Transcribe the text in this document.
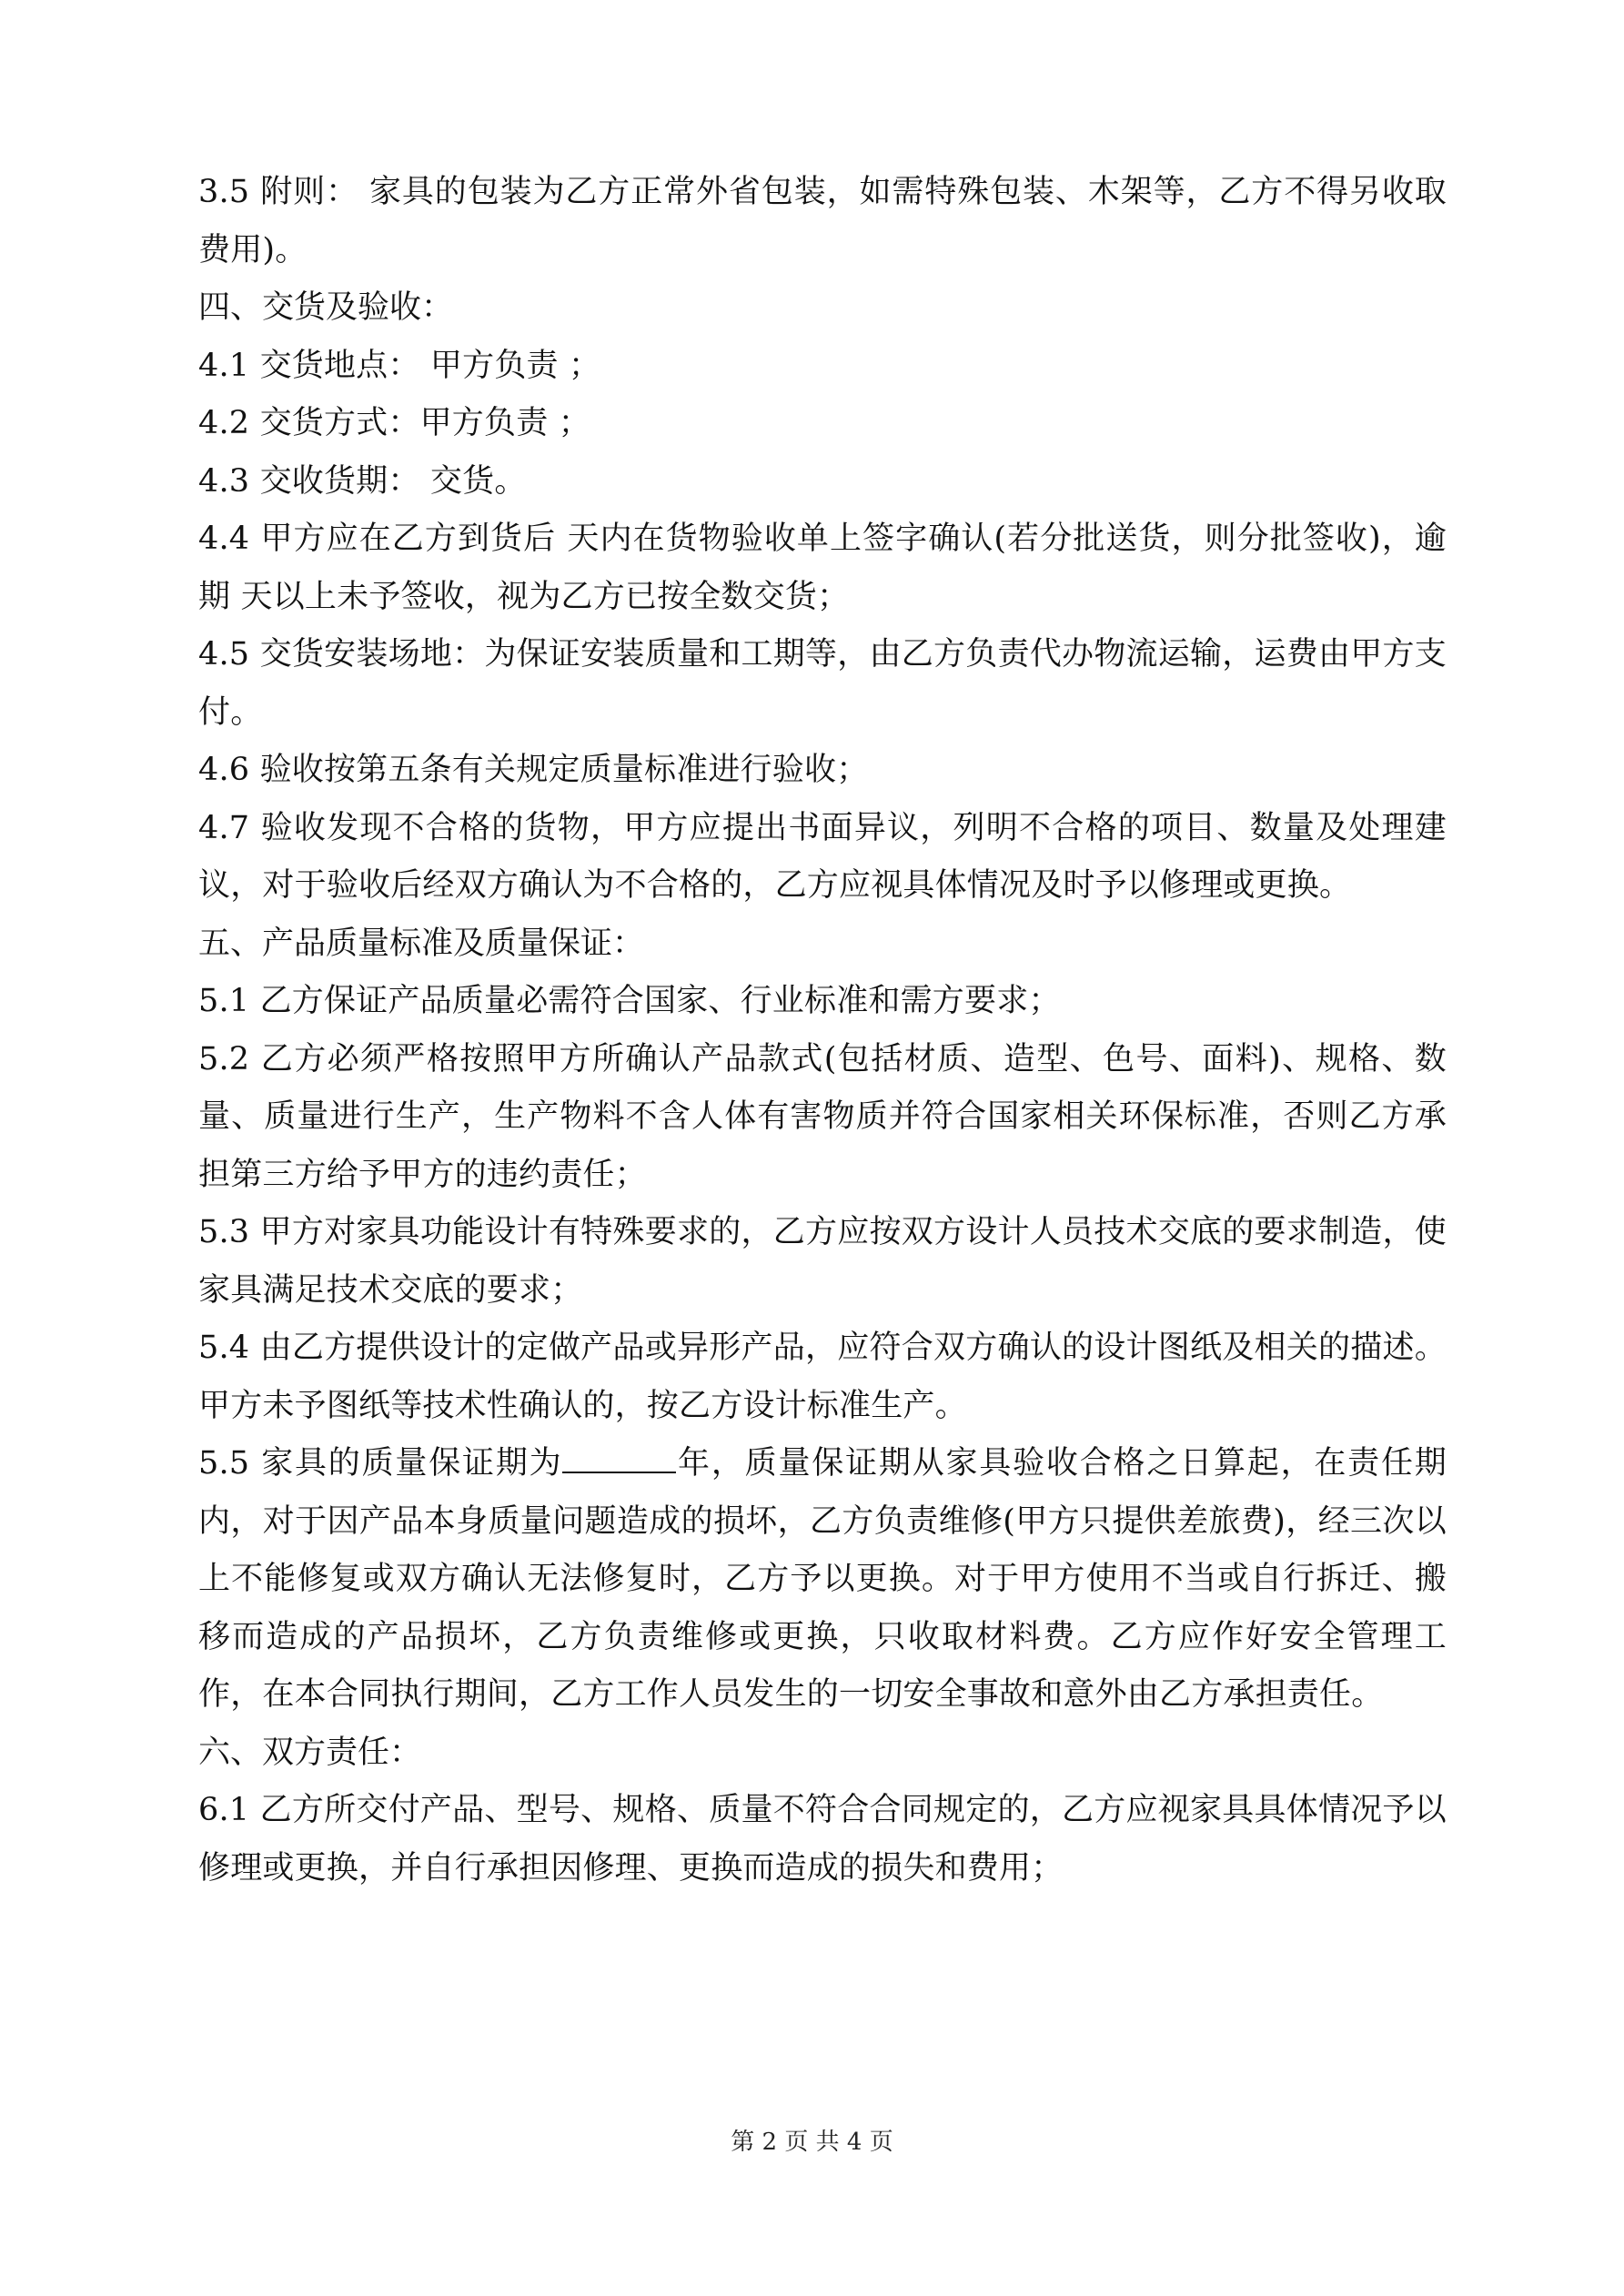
3.5 附则： 家具的包装为乙方正常外省包装，如需特殊包装、木架等，乙方不得另收取费用)。

四、交货及验收：

4.1 交货地点： 甲方负责 ；

4.2 交货方式：甲方负责 ；

4.3 交收货期： 交货。

4.4 甲方应在乙方到货后 天内在货物验收单上签字确认(若分批送货，则分批签收)，逾期 天以上未予签收，视为乙方已按全数交货；

4.5 交货安装场地：为保证安装质量和工期等，由乙方负责代办物流运输，运费由甲方支付。

4.6 验收按第五条有关规定质量标准进行验收；

4.7 验收发现不合格的货物，甲方应提出书面异议，列明不合格的项目、数量及处理建议，对于验收后经双方确认为不合格的，乙方应视具体情况及时予以修理或更换。

五、产品质量标准及质量保证：

5.1 乙方保证产品质量必需符合国家、行业标准和需方要求；

5.2 乙方必须严格按照甲方所确认产品款式(包括材质、造型、色号、面料)、规格、数量、质量进行生产，生产物料不含人体有害物质并符合国家相关环保标准，否则乙方承担第三方给予甲方的违约责任；

5.3 甲方对家具功能设计有特殊要求的，乙方应按双方设计人员技术交底的要求制造，使家具满足技术交底的要求；

5.4 由乙方提供设计的定做产品或异形产品，应符合双方确认的设计图纸及相关的描述。甲方未予图纸等技术性确认的，按乙方设计标准生产。

5.5 家具的质量保证期为	年，质量保证期从家具验收合格之日算起，在责任期内，对于因产品本身质量问题造成的损坏，乙方负责维修(甲方只提供差旅费)，经三次以上不能修复或双方确认无法修复时，乙方予以更换。对于甲方使用不当或自行拆迁、搬移而造成的产品损坏，乙方负责维修或更换，只收取材料费。乙方应作好安全管理工作，在本合同执行期间，乙方工作人员发生的一切安全事故和意外由乙方承担责任。

六、双方责任：

6.1 乙方所交付产品、型号、规格、质量不符合合同规定的，乙方应视家具具体情况予以修理或更换，并自行承担因修理、更换而造成的损失和费用；

第 2 页 共 4 页
